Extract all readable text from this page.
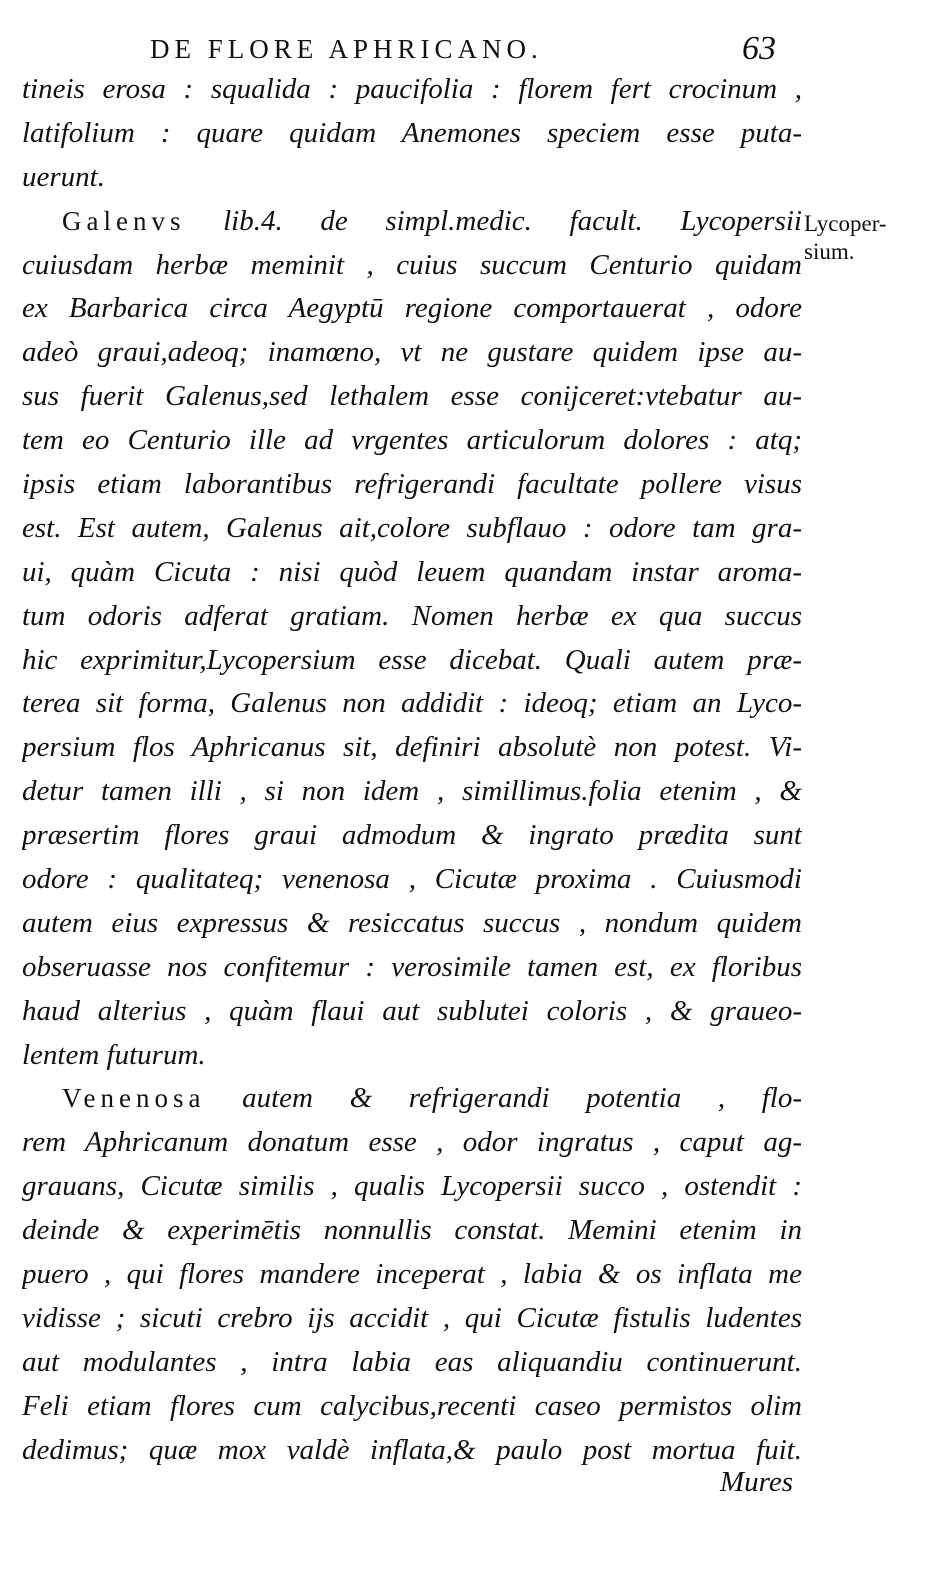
DE FLORE APHRICANO.	63
Lycoper-
sium.
tineis erosa : squalida : paucifolia : florem fert crocinum ,
latifolium : quare quidam Anemones speciem esse puta-
uerunt.
Galenvs lib.4. de simpl.medic. facult. Lycopersii
cuiusdam herbæ meminit , cuius succum Centurio quidam
ex Barbarica circa Aegyptū regione comportauerat , odore
adeò graui,adeoq; inamœno, vt ne gustare quidem ipse au-
sus fuerit Galenus,sed lethalem esse conijceret:vtebatur au-
tem eo Centurio ille ad vrgentes articulorum dolores : atq;
ipsis etiam laborantibus refrigerandi facultate pollere visus
est. Est autem, Galenus ait,colore subflauo : odore tam gra-
ui, quàm Cicuta : nisi quòd leuem quandam instar aroma-
tum odoris adferat gratiam. Nomen herbæ ex qua succus
hic exprimitur,Lycopersium esse dicebat. Quali autem præ-
terea sit forma, Galenus non addidit : ideoq; etiam an Lyco-
persium flos Aphricanus sit, definiri absolutè non potest. Vi-
detur tamen illi , si non idem , simillimus.folia etenim , &
præsertim flores graui admodum & ingrato prædita sunt
odore : qualitateq; venenosa , Cicutæ proxima . Cuiusmodi
autem eius expressus & resiccatus succus , nondum quidem
obseruasse nos confitemur : verosimile tamen est, ex floribus
haud alterius , quàm flaui aut sublutei coloris , & graueo-
lentem futurum.
Venenosa autem & refrigerandi potentia , flo-
rem Aphricanum donatum esse , odor ingratus , caput ag-
grauans, Cicutæ similis , qualis Lycopersii succo , ostendit :
deinde & experimētis nonnullis constat. Memini etenim in
puero , qui flores mandere inceperat , labia & os inflata me
vidisse ; sicuti crebro ijs accidit , qui Cicutæ fistulis ludentes
aut modulantes , intra labia eas aliquandiu continuerunt.
Feli etiam flores cum calycibus,recenti caseo permistos olim
dedimus; quæ mox valdè inflata,& paulo post mortua fuit.
Mures
